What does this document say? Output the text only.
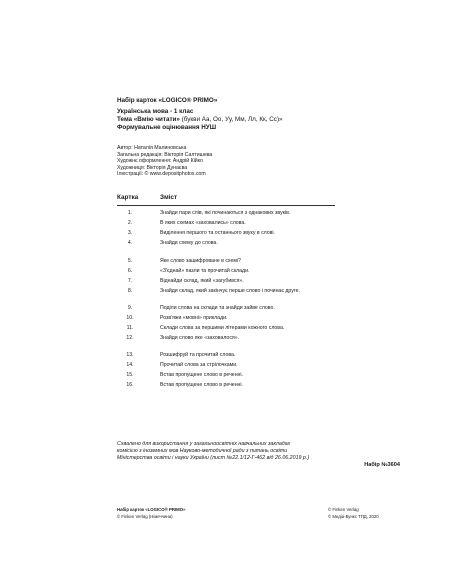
Набір карток «LOGICO® PRIMO»
Українська мова - 1 клас
Тема «Вмію читати» (букви Аа, Оо, Уу, Мм, Лл, Кк, Сс)»
Формувальне оцінювання НУШ
Автор: Наталія Малиновська
Загальна редакція: Вікторія Салтишева
Художнє оформлення: Андрій Кійко
Художниця: Вікторія Дунаєва
Ілюстрації: © www.depositphotos.com
Картка	Зміст
1.	Знайди пари слів, які починаються з однакових звуків.
2.	В яких схемах «заховались» слова.
3.	Виділення першого та останнього звуку в слові.
4.	Знайди схему до слова.
5.	Яке слово зашифроване в схемі?
6.	«З'єднай» пазли та прочитай склади.
7.	Віднайди склад, який «загубився».
8.	Знайди склад, який закінчує перше слово і починає друге.
9.	Поділи слова на склади та знайди зайве слово.
10.	Розв'яжи «мовні» приклади.
11.	Склади слова за першими літерами кожного слова.
12.	Знайди слово яке «заховалося».
13.	Розшифруй та прочитай слова.
14.	Прочитай слова за стрілочками.
15.	Встав пропущене слово в реченні.
16.	Встав пропущене слово в реченні.
Схвалено для використання у загальноосвітніх навчальних закладах
комісією з іноземних мов Науково-методичної ради з питань освіти
Міністерства освіти і науки України (лист №22.1/12-Г-462 від 26.06.2019 р.)
Набір №3604
Набір карток «LOGICO® PRIMO»
© Finken Verlag (Німеччина)
© Finken Verlag
© Медіа-Бункс ТПД, 2020
